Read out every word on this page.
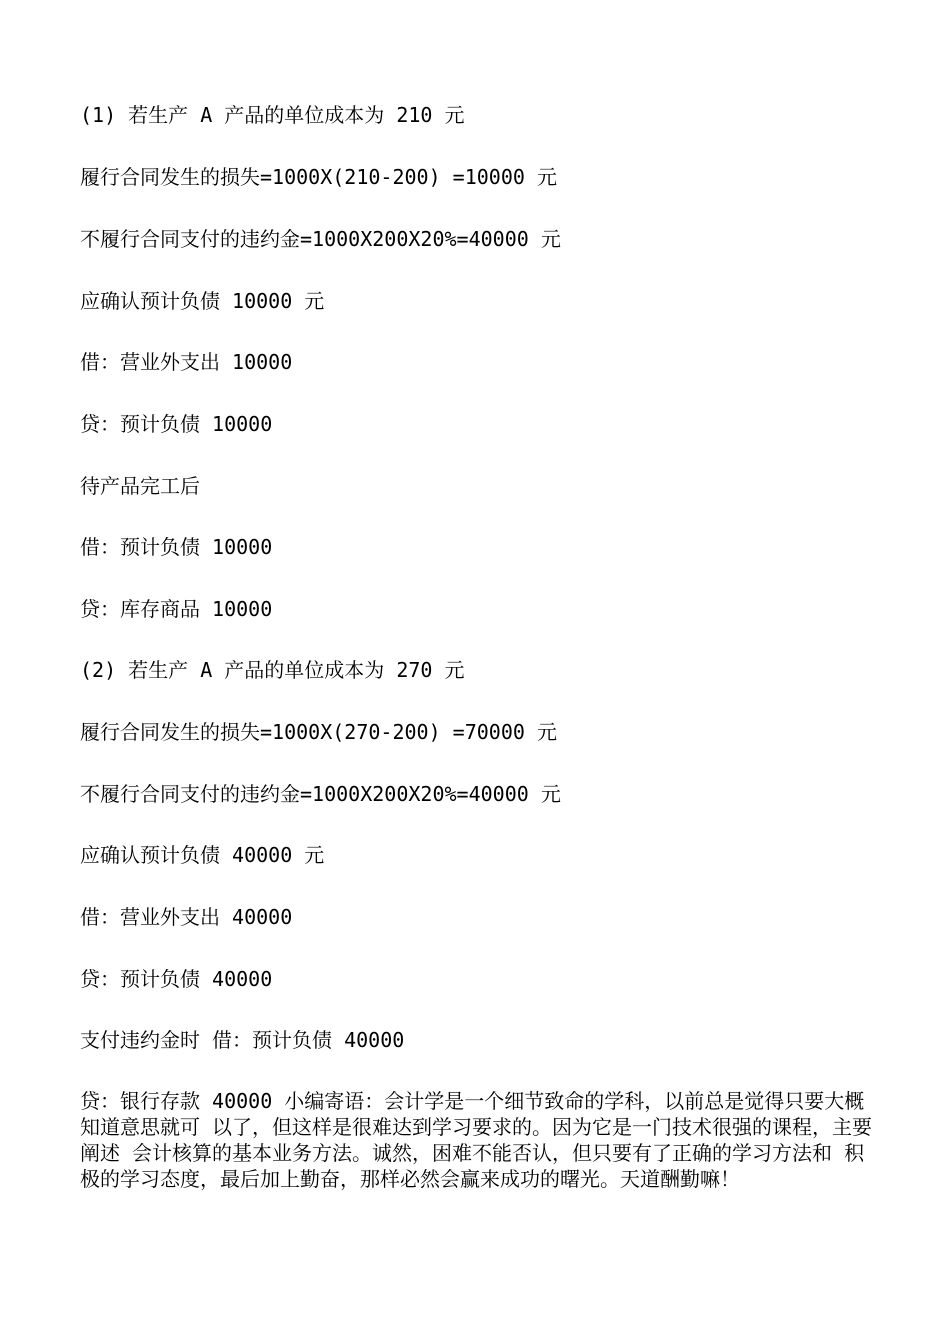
(1) 若生产 A 产品的单位成本为 210 元
履行合同发生的损失=1000X(210-200) =10000 元
不履行合同支付的违约金=1000X200X20%=40000 元
应确认预计负债 10000 元
借：营业外支出 10000
贷：预计负债 10000
待产品完工后
借：预计负债 10000
贷：库存商品 10000
(2) 若生产 A 产品的单位成本为 270 元
履行合同发生的损失=1000X(270-200) =70000 元
不履行合同支付的违约金=1000X200X20%=40000 元
应确认预计负债 40000 元
借：营业外支出 40000
贷：预计负债 40000
支付违约金时 借：预计负债 40000
贷：银行存款 40000 小编寄语：会计学是一个细节致命的学科，以前总是觉得只要大概知道意思就可 以了，但这样是很难达到学习要求的。因为它是一门技术很强的课程，主要阐述 会计核算的基本业务方法。诚然，困难不能否认，但只要有了正确的学习方法和 积极的学习态度，最后加上勤奋，那样必然会赢来成功的曙光。天道酬勤嘛！
